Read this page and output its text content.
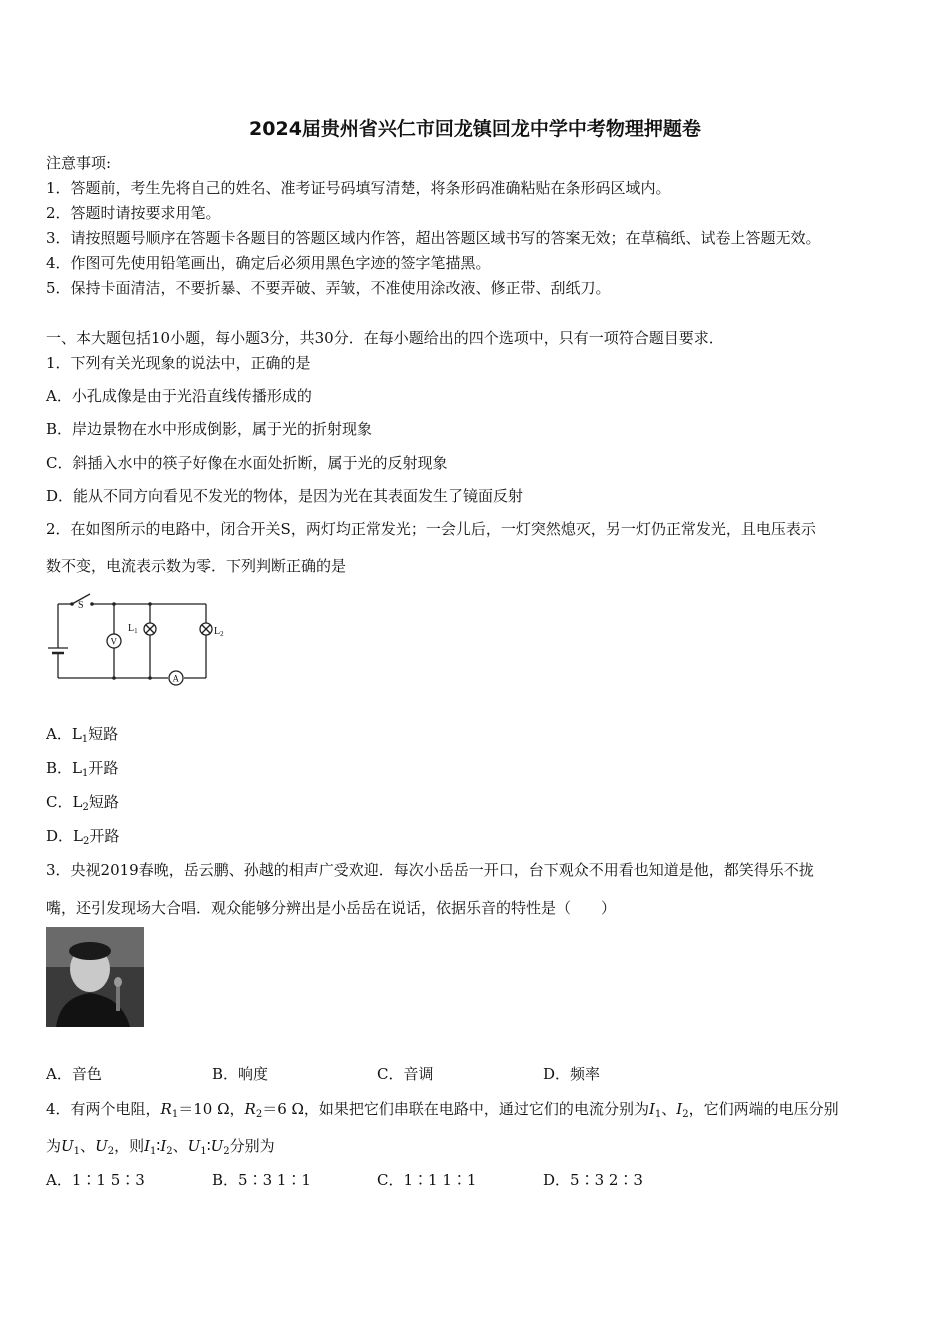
2024届贵州省兴仁市回龙镇回龙中学中考物理押题卷
注意事项:
1．答题前，考生先将自己的姓名、准考证号码填写清楚，将条形码准确粘贴在条形码区域内。
2．答题时请按要求用笔。
3．请按照题号顺序在答题卡各题目的答题区域内作答，超出答题区域书写的答案无效；在草稿纸、试卷上答题无效。
4．作图可先使用铅笔画出，确定后必须用黑色字迹的签字笔描黑。
5．保持卡面清洁，不要折暴、不要弄破、弄皱，不准使用涂改液、修正带、刮纸刀。
一、本大题包括10小题，每小题3分，共30分．在每小题给出的四个选项中，只有一项符合题目要求．
1．下列有关光现象的说法中，正确的是
A．小孔成像是由于光沿直线传播形成的
B．岸边景物在水中形成倒影，属于光的折射现象
C．斜插入水中的筷子好像在水面处折断，属于光的反射现象
D．能从不同方向看见不发光的物体，是因为光在其表面发生了镜面反射
2．在如图所示的电路中，闭合开关S，两灯均正常发光；一会儿后，一灯突然熄灭，另一灯仍正常发光，且电压表示
数不变，电流表示数为零．下列判断正确的是
S
V
A
$L_1$	$L_2$
A．$L_1$短路
B．$L_1$开路
C．$L_2$短路
D．$L_2$开路
3．央视2019春晚，岳云鹏、孙越的相声广受欢迎．每次小岳岳一开口，台下观众不用看也知道是他，都笑得乐不拢
嘴，还引发现场大合唱．观众能够分辨出是小岳岳在说话，依据乐音的特性是（　　）
A．音色	B．响度	C．音调	D．频率
4．有两个电阻，$R_1=10$ Ω，$R_2=6$ Ω，如果把它们串联在电路中，通过它们的电流分别为$I_1$、$I_2$，它们两端的电压分别
为$U_1$、$U_2$，则$I_1∶I_2$、$U_1∶U_2$分别为
A．1∶1 5∶3	B．5∶3 1∶1	C．1∶1 1∶1	D．5∶3 2∶3
